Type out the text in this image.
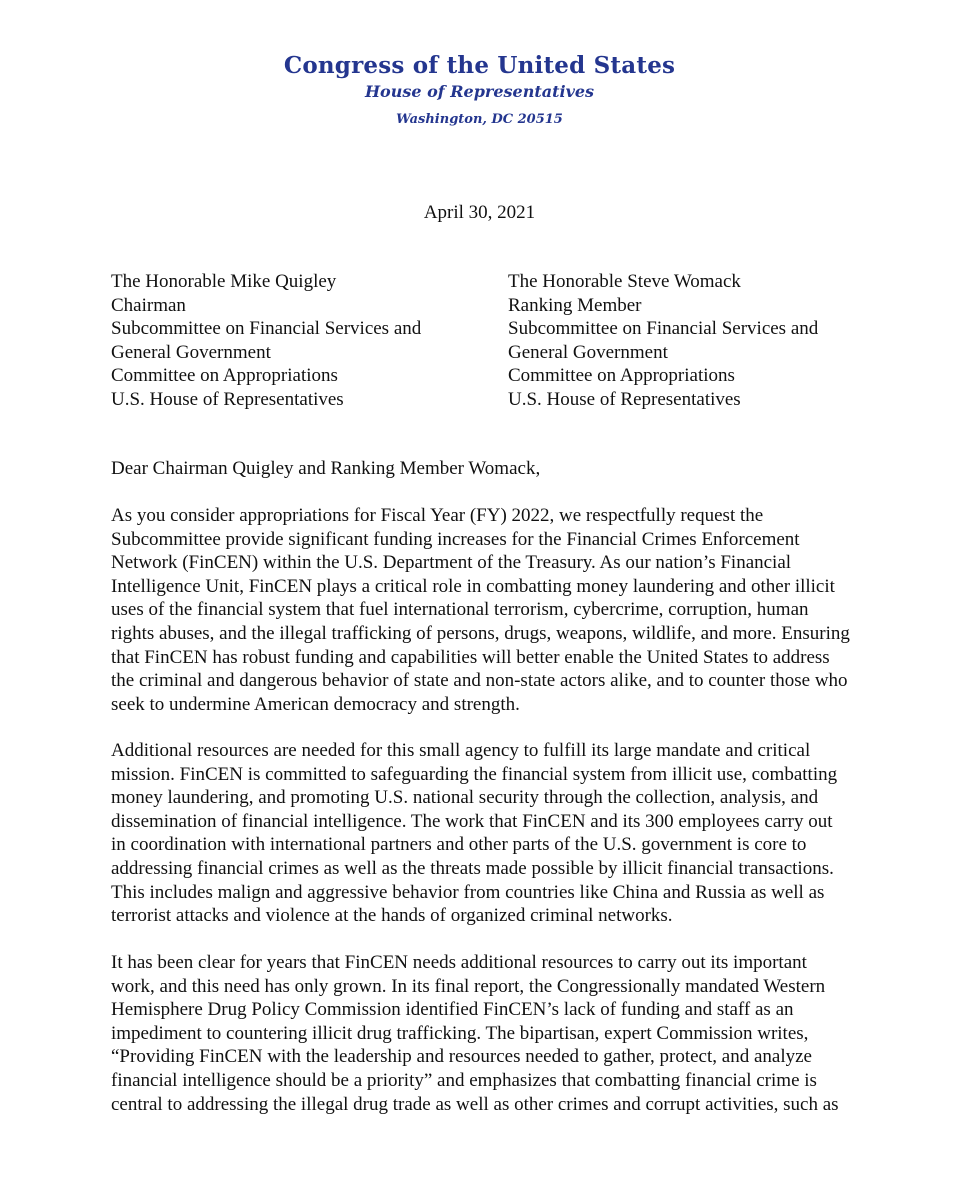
Congress of the United States
House of Representatives
Washington, DC 20515
April 30, 2021
The Honorable Mike Quigley
Chairman
Subcommittee on Financial Services and
General Government
Committee on Appropriations
U.S. House of Representatives
The Honorable Steve Womack
Ranking Member
Subcommittee on Financial Services and
General Government
Committee on Appropriations
U.S. House of Representatives
Dear Chairman Quigley and Ranking Member Womack,
As you consider appropriations for Fiscal Year (FY) 2022, we respectfully request the
Subcommittee provide significant funding increases for the Financial Crimes Enforcement
Network (FinCEN) within the U.S. Department of the Treasury. As our nation’s Financial
Intelligence Unit, FinCEN plays a critical role in combatting money laundering and other illicit
uses of the financial system that fuel international terrorism, cybercrime, corruption, human
rights abuses, and the illegal trafficking of persons, drugs, weapons, wildlife, and more. Ensuring
that FinCEN has robust funding and capabilities will better enable the United States to address
the criminal and dangerous behavior of state and non-state actors alike, and to counter those who
seek to undermine American democracy and strength.
Additional resources are needed for this small agency to fulfill its large mandate and critical
mission. FinCEN is committed to safeguarding the financial system from illicit use, combatting
money laundering, and promoting U.S. national security through the collection, analysis, and
dissemination of financial intelligence. The work that FinCEN and its 300 employees carry out
in coordination with international partners and other parts of the U.S. government is core to
addressing financial crimes as well as the threats made possible by illicit financial transactions.
This includes malign and aggressive behavior from countries like China and Russia as well as
terrorist attacks and violence at the hands of organized criminal networks.
It has been clear for years that FinCEN needs additional resources to carry out its important
work, and this need has only grown. In its final report, the Congressionally mandated Western
Hemisphere Drug Policy Commission identified FinCEN’s lack of funding and staff as an
impediment to countering illicit drug trafficking. The bipartisan, expert Commission writes,
“Providing FinCEN with the leadership and resources needed to gather, protect, and analyze
financial intelligence should be a priority” and emphasizes that combatting financial crime is
central to addressing the illegal drug trade as well as other crimes and corrupt activities, such as
